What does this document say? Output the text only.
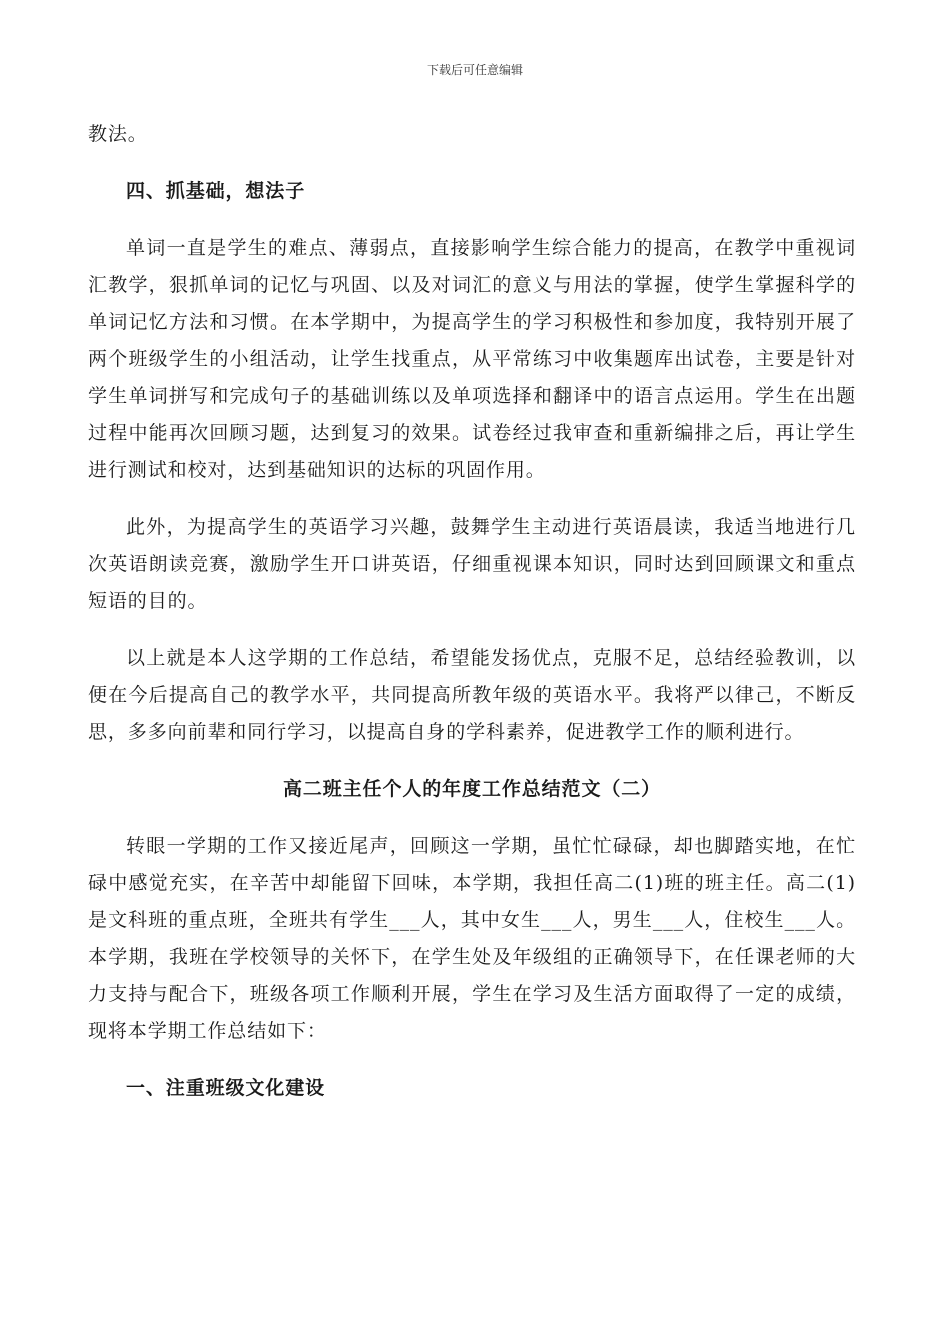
下载后可任意编辑

教法。

四、抓基础，想法子

单词一直是学生的难点、薄弱点，直接影响学生综合能力的提高，在教学中重视词汇教学，狠抓单词的记忆与巩固、以及对词汇的意义与用法的掌握，使学生掌握科学的单词记忆方法和习惯。在本学期中，为提高学生的学习积极性和参加度，我特别开展了两个班级学生的小组活动，让学生找重点，从平常练习中收集题库出试卷，主要是针对学生单词拼写和完成句子的基础训练以及单项选择和翻译中的语言点运用。学生在出题过程中能再次回顾习题，达到复习的效果。试卷经过我审查和重新编排之后，再让学生进行测试和校对，达到基础知识的达标的巩固作用。

此外，为提高学生的英语学习兴趣，鼓舞学生主动进行英语晨读，我适当地进行几次英语朗读竞赛，激励学生开口讲英语，仔细重视课本知识，同时达到回顾课文和重点短语的目的。

以上就是本人这学期的工作总结，希望能发扬优点，克服不足，总结经验教训，以便在今后提高自己的教学水平，共同提高所教年级的英语水平。我将严以律己，不断反思，多多向前辈和同行学习，以提高自身的学科素养，促进教学工作的顺利进行。

高二班主任个人的年度工作总结范文（二）

转眼一学期的工作又接近尾声，回顾这一学期，虽忙忙碌碌，却也脚踏实地，在忙碌中感觉充实，在辛苦中却能留下回味，本学期，我担任高二(1)班的班主任。高二(1)是文科班的重点班，全班共有学生___人，其中女生___人，男生___人，住校生___人。本学期，我班在学校领导的关怀下，在学生处及年级组的正确领导下，在任课老师的大力支持与配合下，班级各项工作顺利开展，学生在学习及生活方面取得了一定的成绩，现将本学期工作总结如下：

一、注重班级文化建设
